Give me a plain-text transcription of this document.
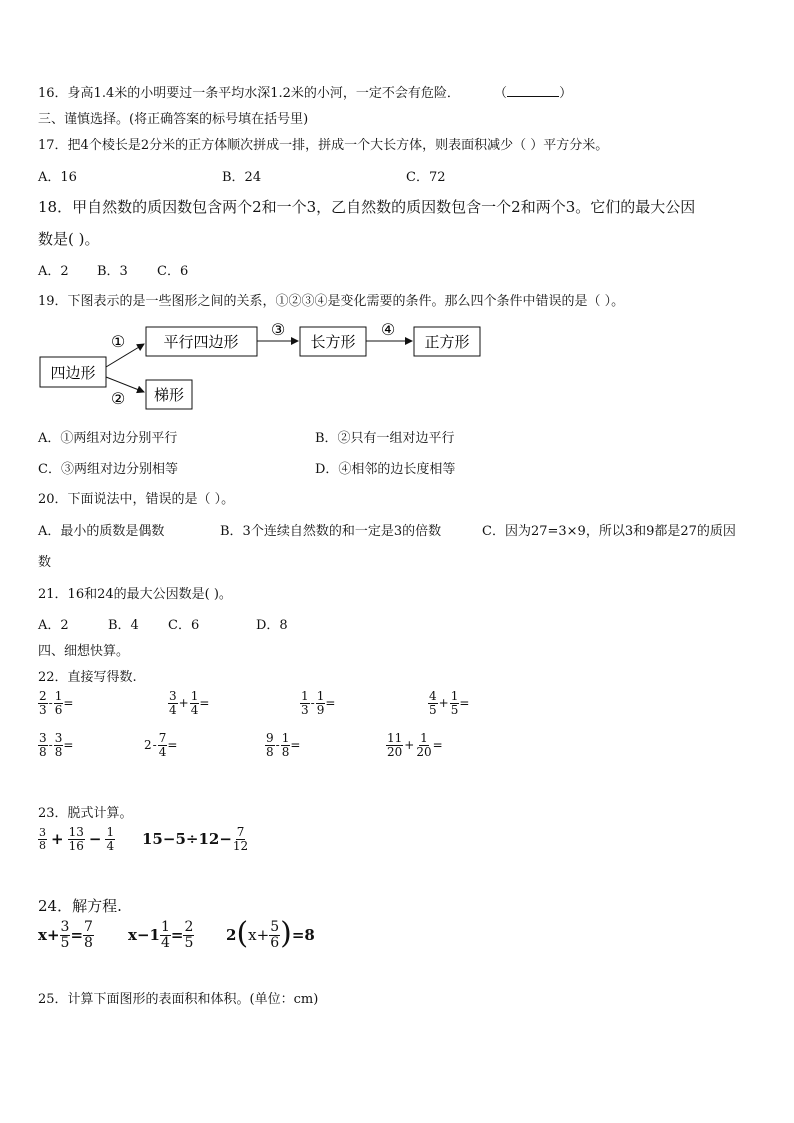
16．身高1.4米的小明要过一条平均水深1.2米的小河，一定不会有危险．	（	）
三、谨慎选择。(将正确答案的标号填在括号里)
17．把4个棱长是2分米的正方体顺次拼成一排，拼成一个大长方体，则表面积减少（ ）平方分米。
A．16	B．24	C．72
18．甲自然数的质因数包含两个2和一个3，乙自然数的质因数包含一个2和两个3。它们的最大公因
数是( )。
A．2 B．3 C．6
19．下图表示的是一些图形之间的关系，①②③④是变化需要的条件。那么四个条件中错误的是（ ）。
四边形
平行四边形	长方形	正方形
梯形
①
②
③	④
A．①两组对边分别平行	B．②只有一组对边平行
C．③两组对边分别相等	D．④相邻的边长度相等
20．下面说法中，错误的是（ ）。
A．最小的质数是偶数	B．3个连续自然数的和一定是3的倍数	C．因为27=3×9，所以3和9都是27的质因
数
21．16和24的最大公因数是( )。
A．2	B．4 C．6	D．8
四、细想快算。
22．直接写得数.
$\frac{2}{3} - \frac{1}{6}$ =	$\frac{3}{4} + \frac{1}{4}$ =	$\frac{1}{3} - \frac{1}{9}$ =	$\frac{4}{5} + \frac{1}{5}$ =
$\frac{3}{8} - \frac{3}{8}$ =	$2 - \frac{7}{4}$ =	$\frac{9}{8} - \frac{1}{8}$ =	$\frac{11}{20} + \frac{1}{20}$ =
23．脱式计算。
$\frac{3}{8} + \frac{13}{16} - \frac{1}{4} 15-5\div 12- \frac{7}{12}$
24．解方程.
$x+ \frac{3}{5} = \frac{7}{8} x-1 \frac{1}{4} = \frac{2}{5} 2$ ( $x+ \frac{5}{6}$ ) =8
25．计算下面图形的表面积和体积。(单位：cm)
